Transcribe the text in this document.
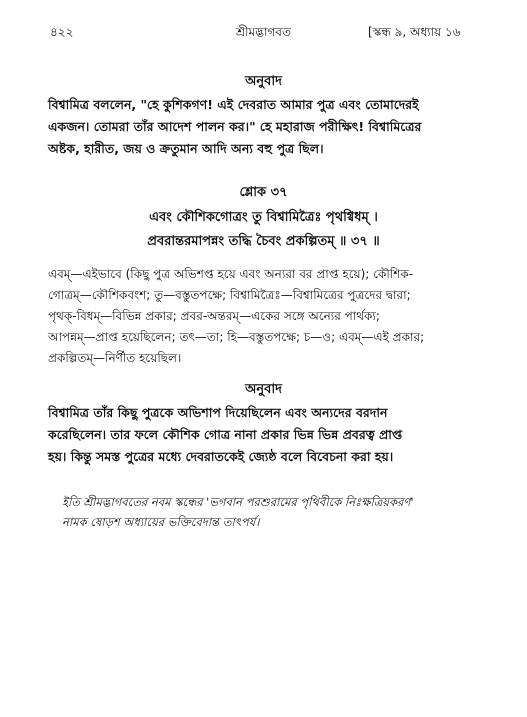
৪২২	শ্রীমদ্ভাগবত	[স্কন্ধ ৯, অধ্যায় ১৬
অনুবাদ
বিশ্বামিত্র বললেন, "হে কুশিকগণ! এই দেবরাত আমার পুত্র এবং তোমাদেরই
একজন। তোমরা তাঁর আদেশ পালন কর।" হে মহারাজ পরীক্ষিৎ! বিশ্বামিত্রের
অষ্টক, হারীত, জয় ও ক্রতুমান আদি অন্য বহু পুত্র ছিল।
শ্লোক ৩৭
এবং কৌশিকগোত্রং তু বিশ্বামিত্রৈঃ পৃথগ্বিধম্ ।
প্রবরান্তরমাপন্নং তদ্ধি চৈবং প্রকল্পিতম্ ॥ ৩৭ ॥
এবম্—এইভাবে (কিছু পুত্র অভিশপ্ত হয়ে এবং অন্যরা বর প্রাপ্ত হয়ে); কৌশিক-
গোত্রম্—কৌশিকবংশ; তু—বস্তুতপক্ষে; বিশ্বামিত্রৈঃ—বিশ্বামিত্রের পুত্রদের দ্বারা;
পৃথক্-বিধম্—বিভিন্ন প্রকার; প্রবর-অন্তরম্—একের সঙ্গে অন্যের পার্থক্য;
আপন্নম্—প্রাপ্ত হয়েছিলেন; তৎ—তা; হি—বস্তুতপক্ষে; চ—ও; এবম্—এই প্রকার;
প্রকল্পিতম্—নির্ণীত হয়েছিল।
অনুবাদ
বিশ্বামিত্র তাঁর কিছু পুত্রকে অভিশাপ দিয়েছিলেন এবং অন্যদের বরদান
করেছিলেন। তার ফলে কৌশিক গোত্র নানা প্রকার ভিন্ন ভিন্ন প্রবরত্ব প্রাপ্ত
হয়। কিন্তু সমস্ত পুত্রের মধ্যে দেবরাতকেই জ্যেষ্ঠ বলে বিবেচনা করা হয়।
ইতি শ্রীমদ্ভাগবতের নবম স্কন্ধের 'ভগবান পরশুরামের পৃথিবীকে নিঃক্ষত্রিয়করণ'
নামক ষোড়শ অধ্যায়ের ভক্তিবেদান্ত তাৎপর্য।
